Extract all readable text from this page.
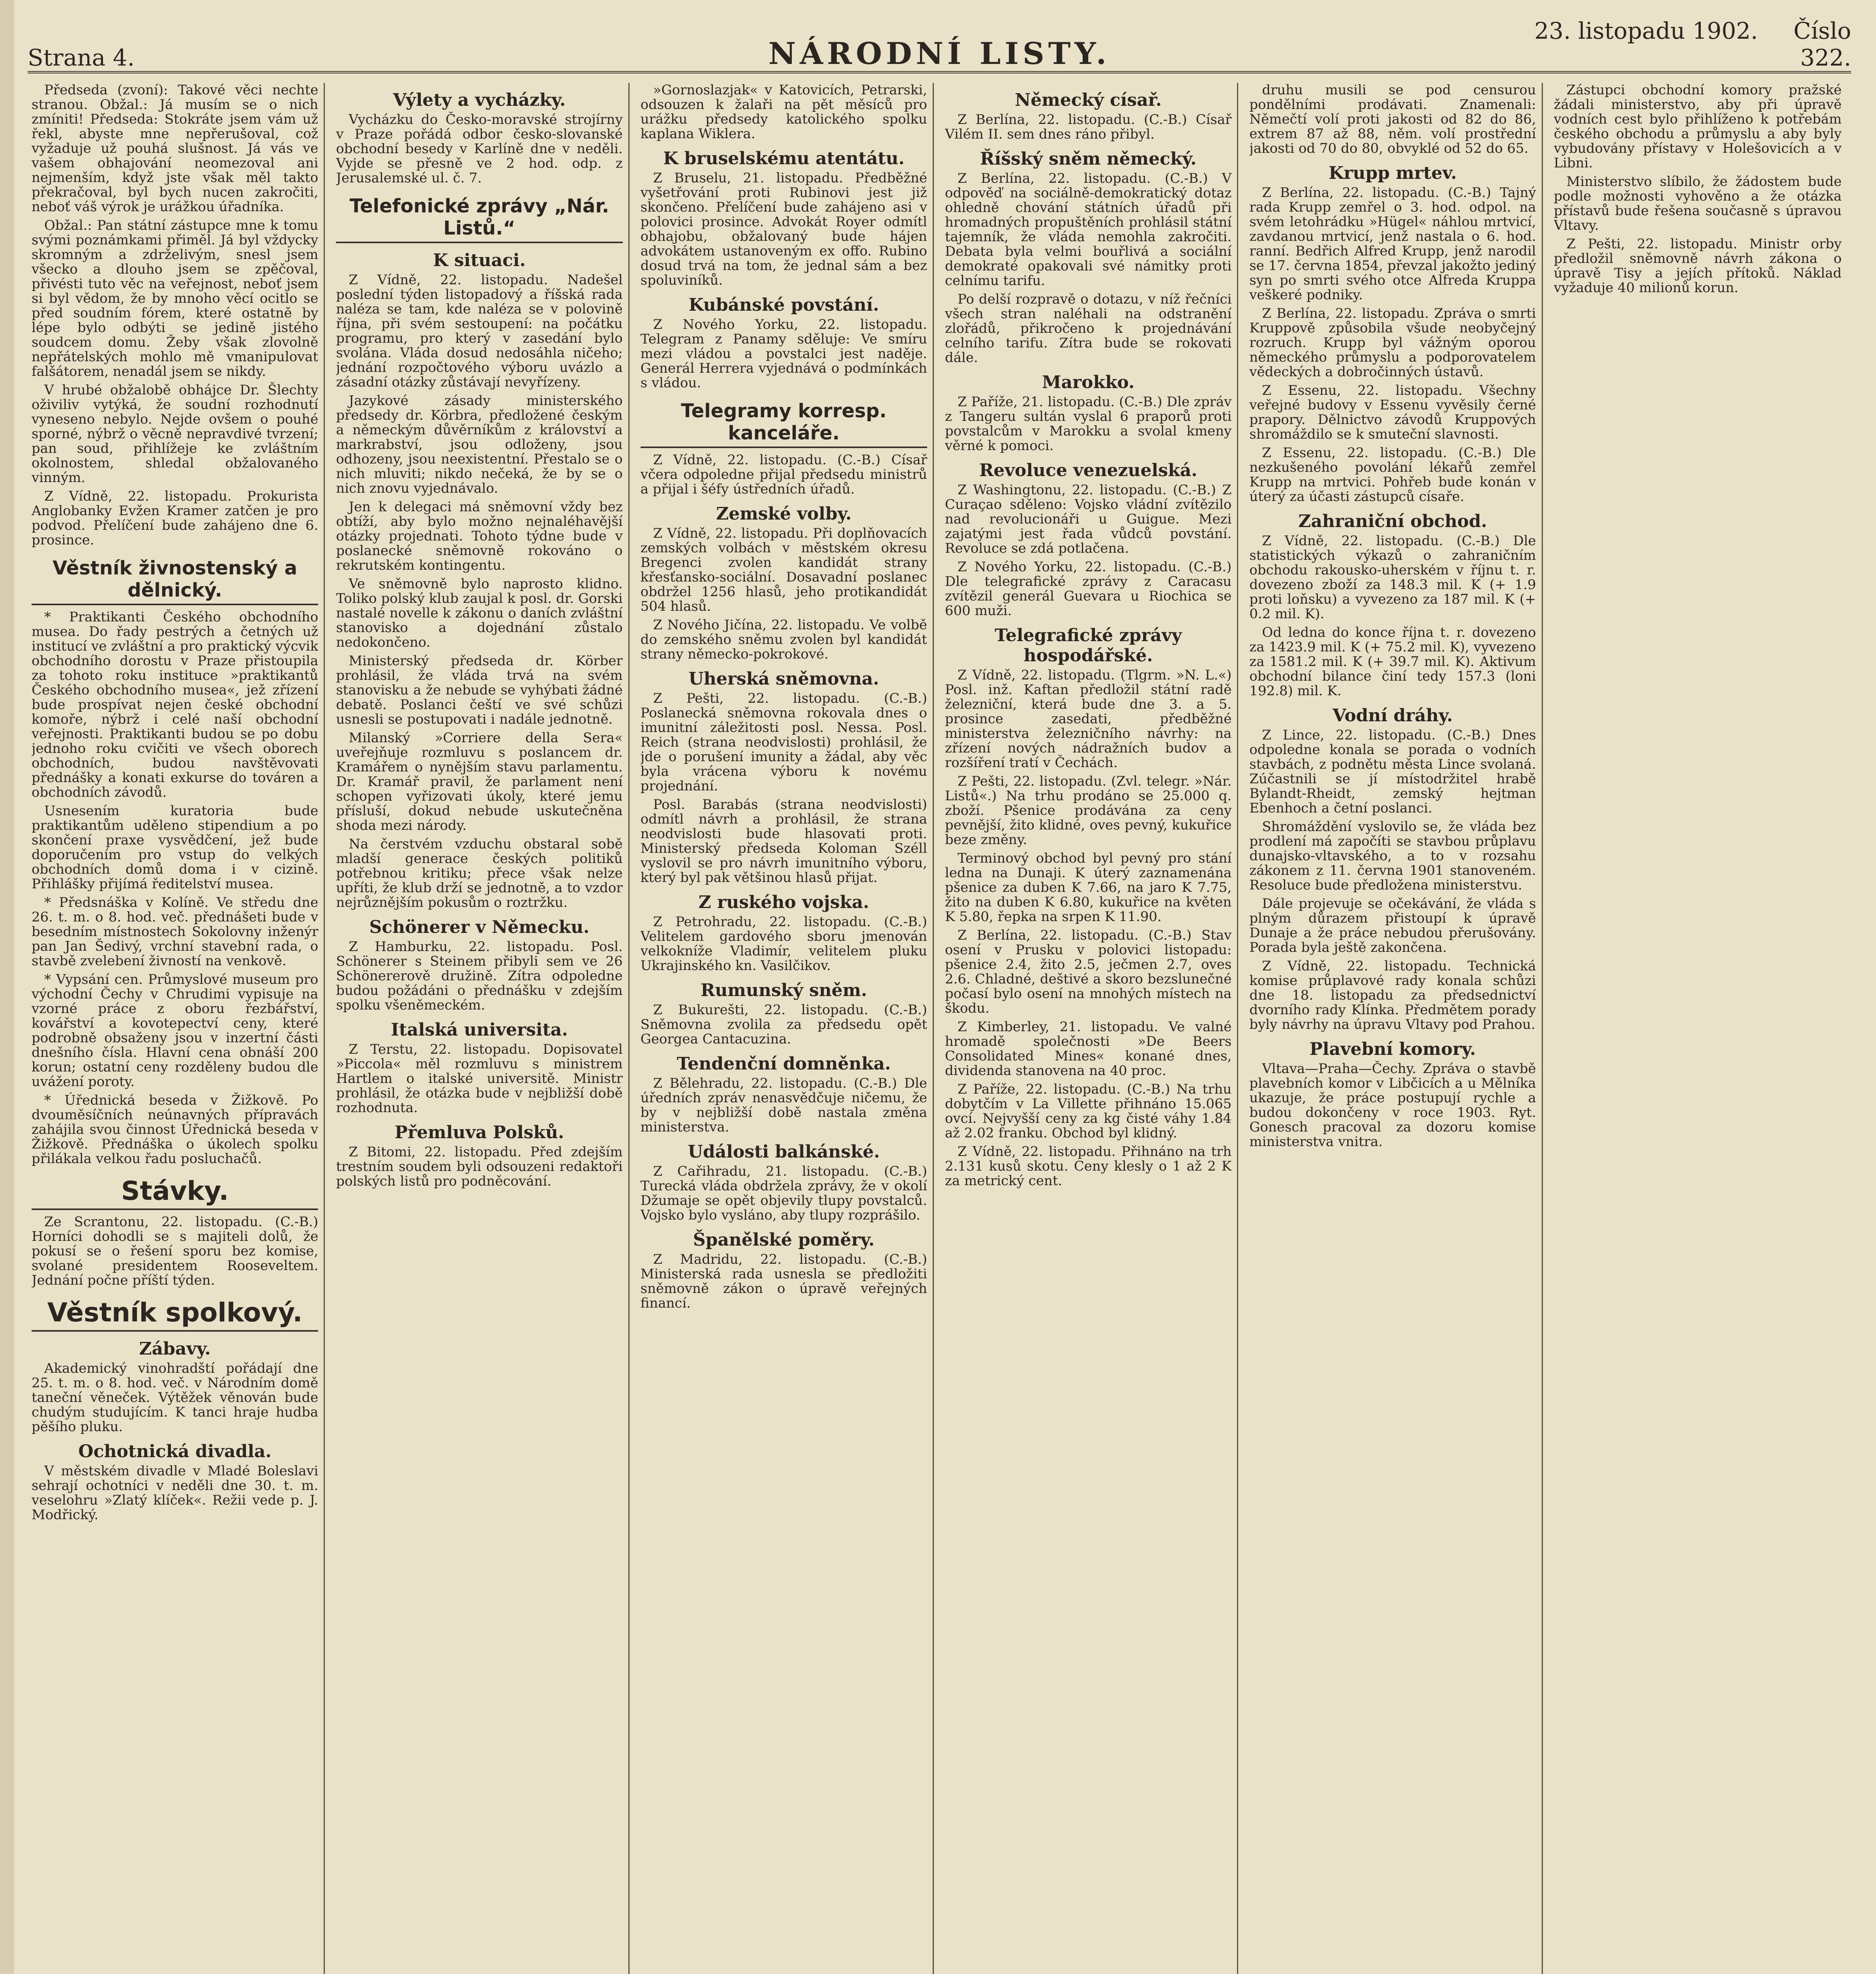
Strana 4.	NÁRODNÍ LISTY.
23. listopadu 1902. Číslo 322.

Předseda (zvoní): Takové věci nechte stranou. Obžal.: Já musím se o nich zmíniti! Předseda: Stokráte jsem vám už řekl, abyste mne nepřerušoval, což vyžaduje už pouhá slušnost. Já vás ve vašem obhajování neomezoval ani nejmenším, když jste však měl takto překračoval, byl bych nucen zakročiti, neboť váš výrok je urážkou úřadníka.

Obžal.: Pan státní zástupce mne k tomu svými poznámkami přiměl. Já byl vždycky skromným a zdrželivým, snesl jsem všecko a dlouho jsem se zpěčoval, přivésti tuto věc na veřejnost, neboť jsem si byl vědom, že by mnoho věcí ocitlo se před soudním fórem, které ostatně by lépe bylo odbýti se jedině jistého soudcem domu. Žeby však zlovolně nepřátelských mohlo mě vmanipulovat falšátorem, nenadál jsem se nikdy.

V hrubé obžalobě obhájce Dr. Šlechty oživiliv vytýká, že soudní rozhodnutí vyneseno nebylo. Nejde ovšem o pouhé sporné, nýbrž o věcně nepravdivé tvrzení; pan soud, přihlížeje ke zvláštním okolnostem, shledal obžalovaného vinným.

Z Vídně, 22. listopadu. Prokurista Anglobanky Evžen Kramer zatčen je pro podvod. Přelíčení bude zahájeno dne 6. prosince.

Věstník živnostenský a dělnický.

* Praktikanti Českého obchodního musea. Do řady pestrých a četných už institucí ve zvláštní a pro praktický výcvik obchodního dorostu v Praze přistoupila za tohoto roku instituce »praktikantů Českého obchodního musea«, jež zřízení bude prospívat nejen české obchodní komoře, nýbrž i celé naší obchodní veřejnosti. Praktikanti budou se po dobu jednoho roku cvičiti ve všech oborech obchodních, budou navštěvovati přednášky a konati exkurse do továren a obchodních závodů.

Usnesením kuratoria bude praktikantům uděleno stipendium a po skončení praxe vysvědčení, jež bude doporučením pro vstup do velkých obchodních domů doma i v cizině. Přihlášky přijímá ředitelství musea.

* Předsnáška v Kolíně. Ve středu dne 26. t. m. o 8. hod. več. přednášeti bude v besedním místnostech Sokolovny inženýr pan Jan Šedivý, vrchní stavební rada, o stavbě zvelebení živností na venkově.

* Vypsání cen. Průmyslové museum pro východní Čechy v Chrudimi vypisuje na vzorné práce z oboru řezbářství, kovářství a kovotepectví ceny, které podrobně obsaženy jsou v inzertní části dnešního čísla. Hlavní cena obnáší 200 korun; ostatní ceny rozděleny budou dle uvážení poroty.

* Úřednická beseda v Žižkově. Po dvouměsíčních neúnavných přípravách zahájila svou činnost Úřednická beseda v Žižkově. Přednáška o úkolech spolku přilákala velkou řadu posluchačů.

Stávky.

Ze Scrantonu, 22. listopadu. (C.-B.) Horníci dohodli se s majiteli dolů, že pokusí se o řešení sporu bez komise, svolané presidentem Rooseveltem. Jednání počne příští týden.

Věstník spolkový.
Zábavy.

Akademický vinohradští pořádají dne 25. t. m. o 8. hod. več. v Národním domě taneční věneček. Výtěžek věnován bude chudým studujícím. K tanci hraje hudba pěšího pluku.

Ochotnická divadla.

V městském divadle v Mladé Boleslavi sehrají ochotníci v neděli dne 30. t. m. veselohru »Zlatý klíček«. Režii vede p. J. Modřický.

Výlety a vycházky.

Vycházku do Česko-moravské strojírny v Praze pořádá odbor česko-slovanské obchodní besedy v Karlíně dne v neděli. Vyjde se přesně ve 2 hod. odp. z Jerusalemské ul. č. 7.

Telefonické zprávy „Nár. Listů.“
K situaci.

Z Vídně, 22. listopadu. Nadešel poslední týden listopadový a říšská rada naléza se tam, kde naléza se v polovině října, při svém sestoupení: na počátku programu, pro který v zasedání bylo svolána. Vláda dosud nedosáhla ničeho; jednání rozpočtového výboru uvázlo a zásadní otázky zůstávají nevyřízeny.

Jazykové zásady ministerského předsedy dr. Körbra, předložené českým a německým důvěrníkům z království a markrabství, jsou odloženy, jsou odhozeny, jsou neexistentní. Přestalo se o nich mluviti; nikdo nečeká, že by se o nich znovu vyjednávalo.

Jen k delegaci má sněmovní vždy bez obtíží, aby bylo možno nejnaléhavější otázky projednati. Tohoto týdne bude v poslanecké sněmovně rokováno o rekrutském kontingentu.

Ve sněmovně bylo naprosto klidno. Toliko polský klub zaujal k posl. dr. Gorski nastalé novelle k zákonu o daních zvláštní stanovisko a dojednání zůstalo nedokončeno.

Ministerský předseda dr. Körber prohlásil, že vláda trvá na svém stanovisku a že nebude se vyhýbati žádné debatě. Poslanci čeští ve své schůzi usnesli se postupovati i nadále jednotně.

Milanský »Corriere della Sera« uveřejňuje rozmluvu s poslancem dr. Kramářem o nynějším stavu parlamentu. Dr. Kramář pravil, že parlament není schopen vyřizovati úkoly, které jemu přísluší, dokud nebude uskutečněna shoda mezi národy.

Na čerstvém vzduchu obstaral sobě mladší generace českých politiků potřebnou kritiku; přece však nelze upříti, že klub drží se jednotně, a to vzdor nejrůznějším pokusům o roztržku.

Schönerer v Německu.

Z Hamburku, 22. listopadu. Posl. Schönerer s Steinem přibyli sem ve 26 Schönererově družině. Zítra odpoledne budou požádáni o přednášku v zdejším spolku všeněmeckém.

Italská universita.

Z Terstu, 22. listopadu. Dopisovatel »Piccola« měl rozmluvu s ministrem Hartlem o italské universitě. Ministr prohlásil, že otázka bude v nejbližší době rozhodnuta.

Přemluva Polsků.

Z Bitomi, 22. listopadu. Před zdejším trestním soudem byli odsouzeni redaktoři polských listů pro podněcování.

»Gornoslazjak« v Katovicích, Petrarski, odsouzen k žalaři na pět měsíců pro urážku předsedy katolického spolku kaplana Wiklera.

K bruselskému atentátu.

Z Bruselu, 21. listopadu. Předběžné vyšetřování proti Rubinovi jest již skončeno. Přelíčení bude zahájeno asi v polovici prosince. Advokát Royer odmítl obhajobu, obžalovaný bude hájen advokátem ustanoveným ex offo. Rubino dosud trvá na tom, že jednal sám a bez spoluviníků.

Kubánské povstání.

Z Nového Yorku, 22. listopadu. Telegram z Panamy sděluje: Ve smíru mezi vládou a povstalci jest naděje. Generál Herrera vyjednává o podmínkách s vládou.

Telegramy korresp. kanceláře.

Z Vídně, 22. listopadu. (C.-B.) Císař včera odpoledne přijal předsedu ministrů a přijal i šéfy ústředních úřadů.

Zemské volby.

Z Vídně, 22. listopadu. Při doplňovacích zemských volbách v městském okresu Bregenci zvolen kandidát strany křesťansko-sociální. Dosavadní poslanec obdržel 1256 hlasů, jeho protikandidát 504 hlasů.

Z Nového Jičína, 22. listopadu. Ve volbě do zemského sněmu zvolen byl kandidát strany německo-pokrokové.

Uherská sněmovna.

Z Pešti, 22. listopadu. (C.-B.) Poslanecká sněmovna rokovala dnes o imunitní záležitosti posl. Nessa. Posl. Reich (strana neodvislosti) prohlásil, že jde o porušení imunity a žádal, aby věc byla vrácena výboru k novému projednání.

Posl. Barabás (strana neodvislosti) odmítl návrh a prohlásil, že strana neodvislosti bude hlasovati proti. Ministerský předseda Koloman Széll vyslovil se pro návrh imunitního výboru, který byl pak většinou hlasů přijat.

Z ruského vojska.

Z Petrohradu, 22. listopadu. (C.-B.) Velitelem gardového sboru jmenován velkokníže Vladimír, velitelem pluku Ukrajinského kn. Vasilčikov.

Rumunský sněm.

Z Bukurešti, 22. listopadu. (C.-B.) Sněmovna zvolila za předsedu opět Georgea Cantacuzina.

Tendenční domněnka.

Z Bělehradu, 22. listopadu. (C.-B.) Dle úředních zpráv nenasvědčuje ničemu, že by v nejbližší době nastala změna ministerstva.

Události balkánské.

Z Cařihradu, 21. listopadu. (C.-B.) Turecká vláda obdržela zprávy, že v okolí Džumaje se opět objevily tlupy povstalců. Vojsko bylo vysláno, aby tlupy rozprášilo.

Španělské poměry.

Z Madridu, 22. listopadu. (C.-B.) Ministerská rada usnesla se předložiti sněmovně zákon o úpravě veřejných financí.

Německý císař.

Z Berlína, 22. listopadu. (C.-B.) Císař Vilém II. sem dnes ráno přibyl.

Říšský sněm německý.

Z Berlína, 22. listopadu. (C.-B.) V odpověď na sociálně-demokratický dotaz ohledně chování státních úřadů při hromadných propuštěních prohlásil státní tajemník, že vláda nemohla zakročiti. Debata byla velmi bouřlivá a sociální demokraté opakovali své námitky proti celnímu tarifu.

Po delší rozpravě o dotazu, v níž řečníci všech stran naléhali na odstranění zlořádů, přikročeno k projednávání celního tarifu. Zítra bude se rokovati dále.

Marokko.

Z Paříže, 21. listopadu. (C.-B.) Dle zpráv z Tangeru sultán vyslal 6 praporů proti povstalcům v Marokku a svolal kmeny věrné k pomoci.

Revoluce venezuelská.

Z Washingtonu, 22. listopadu. (C.-B.) Z Curaçao sděleno: Vojsko vládní zvítězilo nad revolucionáři u Guigue. Mezi zajatými jest řada vůdců povstání. Revoluce se zdá potlačena.

Z Nového Yorku, 22. listopadu. (C.-B.) Dle telegrafické zprávy z Caracasu zvítězil generál Guevara u Riochica se 600 muži.

Telegrafické zprávy hospodářské.

Z Vídně, 22. listopadu. (Tlgrm. »N. L.«) Posl. inž. Kaftan předložil státní radě železniční, která bude dne 3. a 5. prosince zasedati, předběžné ministerstva železničního návrhy: na zřízení nových nádražních budov a rozšíření tratí v Čechách.

Z Pešti, 22. listopadu. (Zvl. telegr. »Nár. Listů«.) Na trhu prodáno se 25.000 q. zboží. Pšenice prodávána za ceny pevnější, žito klidné, oves pevný, kukuřice beze změny.

Terminový obchod byl pevný pro stání ledna na Dunaji. K úterý zaznamenána pšenice za duben K 7.66, na jaro K 7.75, žito na duben K 6.80, kukuřice na květen K 5.80, řepka na srpen K 11.90.

Z Berlína, 22. listopadu. (C.-B.) Stav osení v Prusku v polovici listopadu: pšenice 2.4, žito 2.5, ječmen 2.7, oves 2.6. Chladné, deštivé a skoro bezslunečné počasí bylo osení na mnohých místech na škodu.

Z Kimberley, 21. listopadu. Ve valné hromadě společnosti »De Beers Consolidated Mines« konané dnes, dividenda stanovena na 40 proc.

Z Paříže, 22. listopadu. (C.-B.) Na trhu dobytčím v La Villette přihnáno 15.065 ovcí. Nejvyšší ceny za kg čisté váhy 1.84 až 2.02 franku. Obchod byl klidný.

Z Vídně, 22. listopadu. Přihnáno na trh 2.131 kusů skotu. Ceny klesly o 1 až 2 K za metrický cent.

druhu musili se pod censurou pondělními prodávati. Znamenali: Němečtí volí proti jakosti od 82 do 86, extrem 87 až 88, něm. volí prostřední jakosti od 70 do 80, obvyklé od 52 do 65.

Krupp mrtev.

Z Berlína, 22. listopadu. (C.-B.) Tajný rada Krupp zemřel o 3. hod. odpol. na svém letohrádku »Hügel« náhlou mrtvicí, zavdanou mrtvicí, jenž nastala o 6. hod. ranní. Bedřich Alfred Krupp, jenž narodil se 17. června 1854, převzal jakožto jediný syn po smrti svého otce Alfreda Kruppa veškeré podniky.

Z Berlína, 22. listopadu. Zpráva o smrti Kruppově způsobila všude neobyčejný rozruch. Krupp byl vážným oporou německého průmyslu a podporovatelem vědeckých a dobročinných ústavů.

Z Essenu, 22. listopadu. Všechny veřejné budovy v Essenu vyvěsily černé prapory. Dělnictvo závodů Kruppových shromáždilo se k smuteční slavnosti.

Z Essenu, 22. listopadu. (C.-B.) Dle nezkušeného povolání lékařů zemřel Krupp na mrtvici. Pohřeb bude konán v úterý za účasti zástupců císaře.

Zahraniční obchod.

Z Vídně, 22. listopadu. (C.-B.) Dle statistických výkazů o zahraničním obchodu rakousko-uherském v říjnu t. r. dovezeno zboží za 148.3 mil. K (+ 1.9 proti loňsku) a vyvezeno za 187 mil. K (+ 0.2 mil. K).

Od ledna do konce října t. r. dovezeno za 1423.9 mil. K (+ 75.2 mil. K), vyvezeno za 1581.2 mil. K (+ 39.7 mil. K). Aktivum obchodní bilance činí tedy 157.3 (loni 192.8) mil. K.

Vodní dráhy.

Z Lince, 22. listopadu. (C.-B.) Dnes odpoledne konala se porada o vodních stavbách, z podnětu města Lince svolaná. Zúčastnili se jí místodržitel hrabě Bylandt-Rheidt, zemský hejtman Ebenhoch a četní poslanci.

Shromáždění vyslovilo se, že vláda bez prodlení má započíti se stavbou průplavu dunajsko-vltavského, a to v rozsahu zákonem z 11. června 1901 stanoveném. Resoluce bude předložena ministerstvu.

Dále projevuje se očekávání, že vláda s plným důrazem přistoupí k úpravě Dunaje a že práce nebudou přerušovány. Porada byla ještě zakončena.

Z Vídně, 22. listopadu. Technická komise průplavové rady konala schůzi dne 18. listopadu za předsednictví dvorního rady Klínka. Předmětem porady byly návrhy na úpravu Vltavy pod Prahou.

Plavební komory.

Vltava—Praha—Čechy. Zpráva o stavbě plavebních komor v Libčicích a u Mělníka ukazuje, že práce postupují rychle a budou dokončeny v roce 1903. Ryt. Gonesch pracoval za dozoru komise ministerstva vnitra.

Zástupci obchodní komory pražské žádali ministerstvo, aby při úpravě vodních cest bylo přihlíženo k potřebám českého obchodu a průmyslu a aby byly vybudovány přístavy v Holešovicích a v Libni.

Ministerstvo slíbilo, že žádostem bude podle možnosti vyhověno a že otázka přístavů bude řešena současně s úpravou Vltavy.

Z Pešti, 22. listopadu. Ministr orby předložil sněmovně návrh zákona o úpravě Tisy a jejích přítoků. Náklad vyžaduje 40 milionů korun.
